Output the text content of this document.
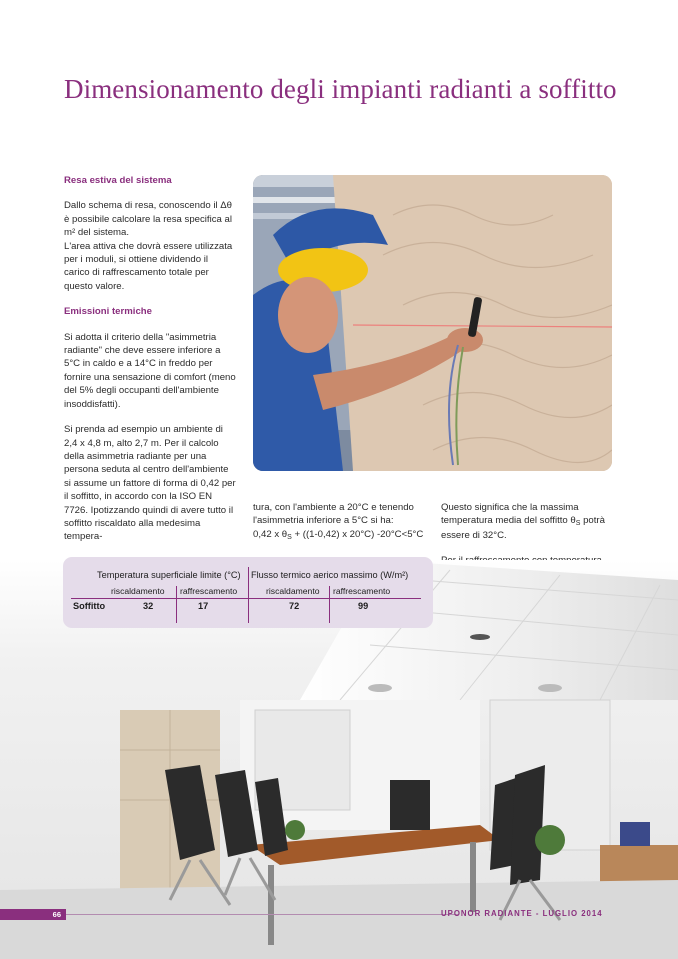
Dimensionamento degli impianti radianti a soffitto
Resa estiva del sistema

Dallo schema di resa, conoscendo il Δθ è possibile calcolare la resa specifica al m² del sistema.

L'area attiva che dovrà essere utilizzata per i moduli, si ottiene dividendo il carico di raffrescamento totale per questo valore.

Emissioni termiche

Si adotta il criterio della "asimmetria radiante" che deve essere inferiore a 5°C in caldo e a 14°C in freddo per fornire una sensazione di comfort (meno del 5% degli occupanti dell'ambiente insoddisfatti).

Si prenda ad esempio un ambiente di 2,4 x 4,8 m, alto 2,7 m. Per il calcolo della asimmetria radiante per una persona seduta al centro dell'ambiente si assume un fattore di forma di 0,42 per il soffitto, in accordo con la ISO EN 7726. Ipotizzando quindi di avere tutto il soffitto riscaldato alla medesima tempera-

tura, con l'ambiente a 20°C e tenendo l'asimmetria inferiore a 5°C si ha:

0,42 x $\theta_S + ((1-0,42)$ x 20°C) -20°C<5°C

Questo significa che la massima temperatura media del soffitto $\theta_S$ potrà essere di 32°C.

Temperatura superficiale limite (°C) Flusso termico aerico massimo (W/m²)
riscaldamento raffrescamento	riscaldamento raffrescamento
Soffitto	32	17	72	99
66	UPONOR RADIANTE - LUGLIO 2014
